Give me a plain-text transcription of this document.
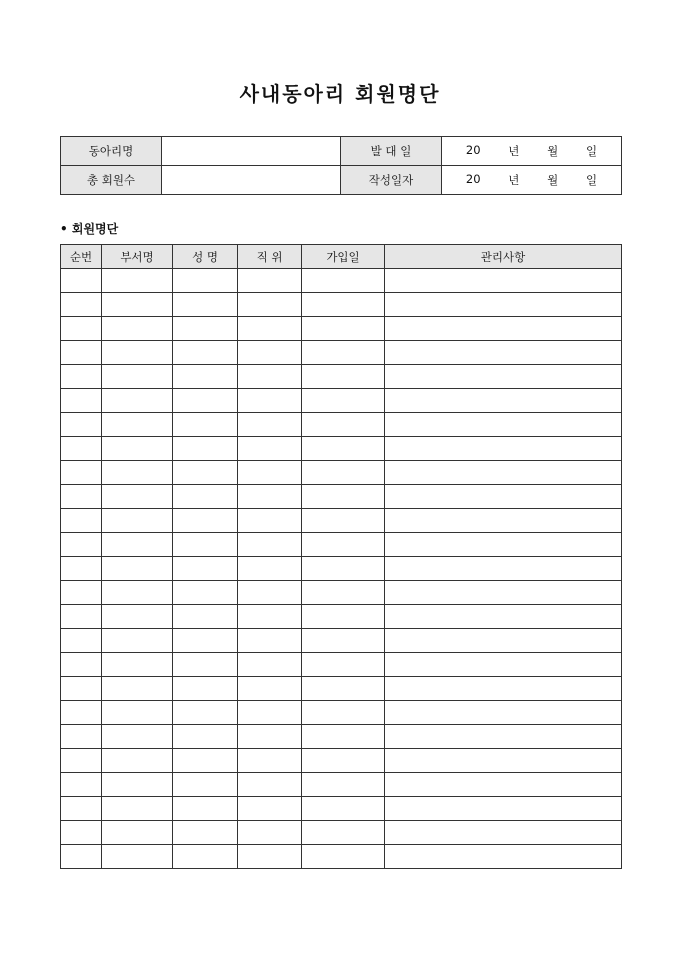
사내동아리 회원명단
동아리명		발 대 일	20 년 월 일

총 회원수		작성일자	20 년 월 일
• 회원명단
순번	부서명	성 명	직 위	가입일	관리사항
